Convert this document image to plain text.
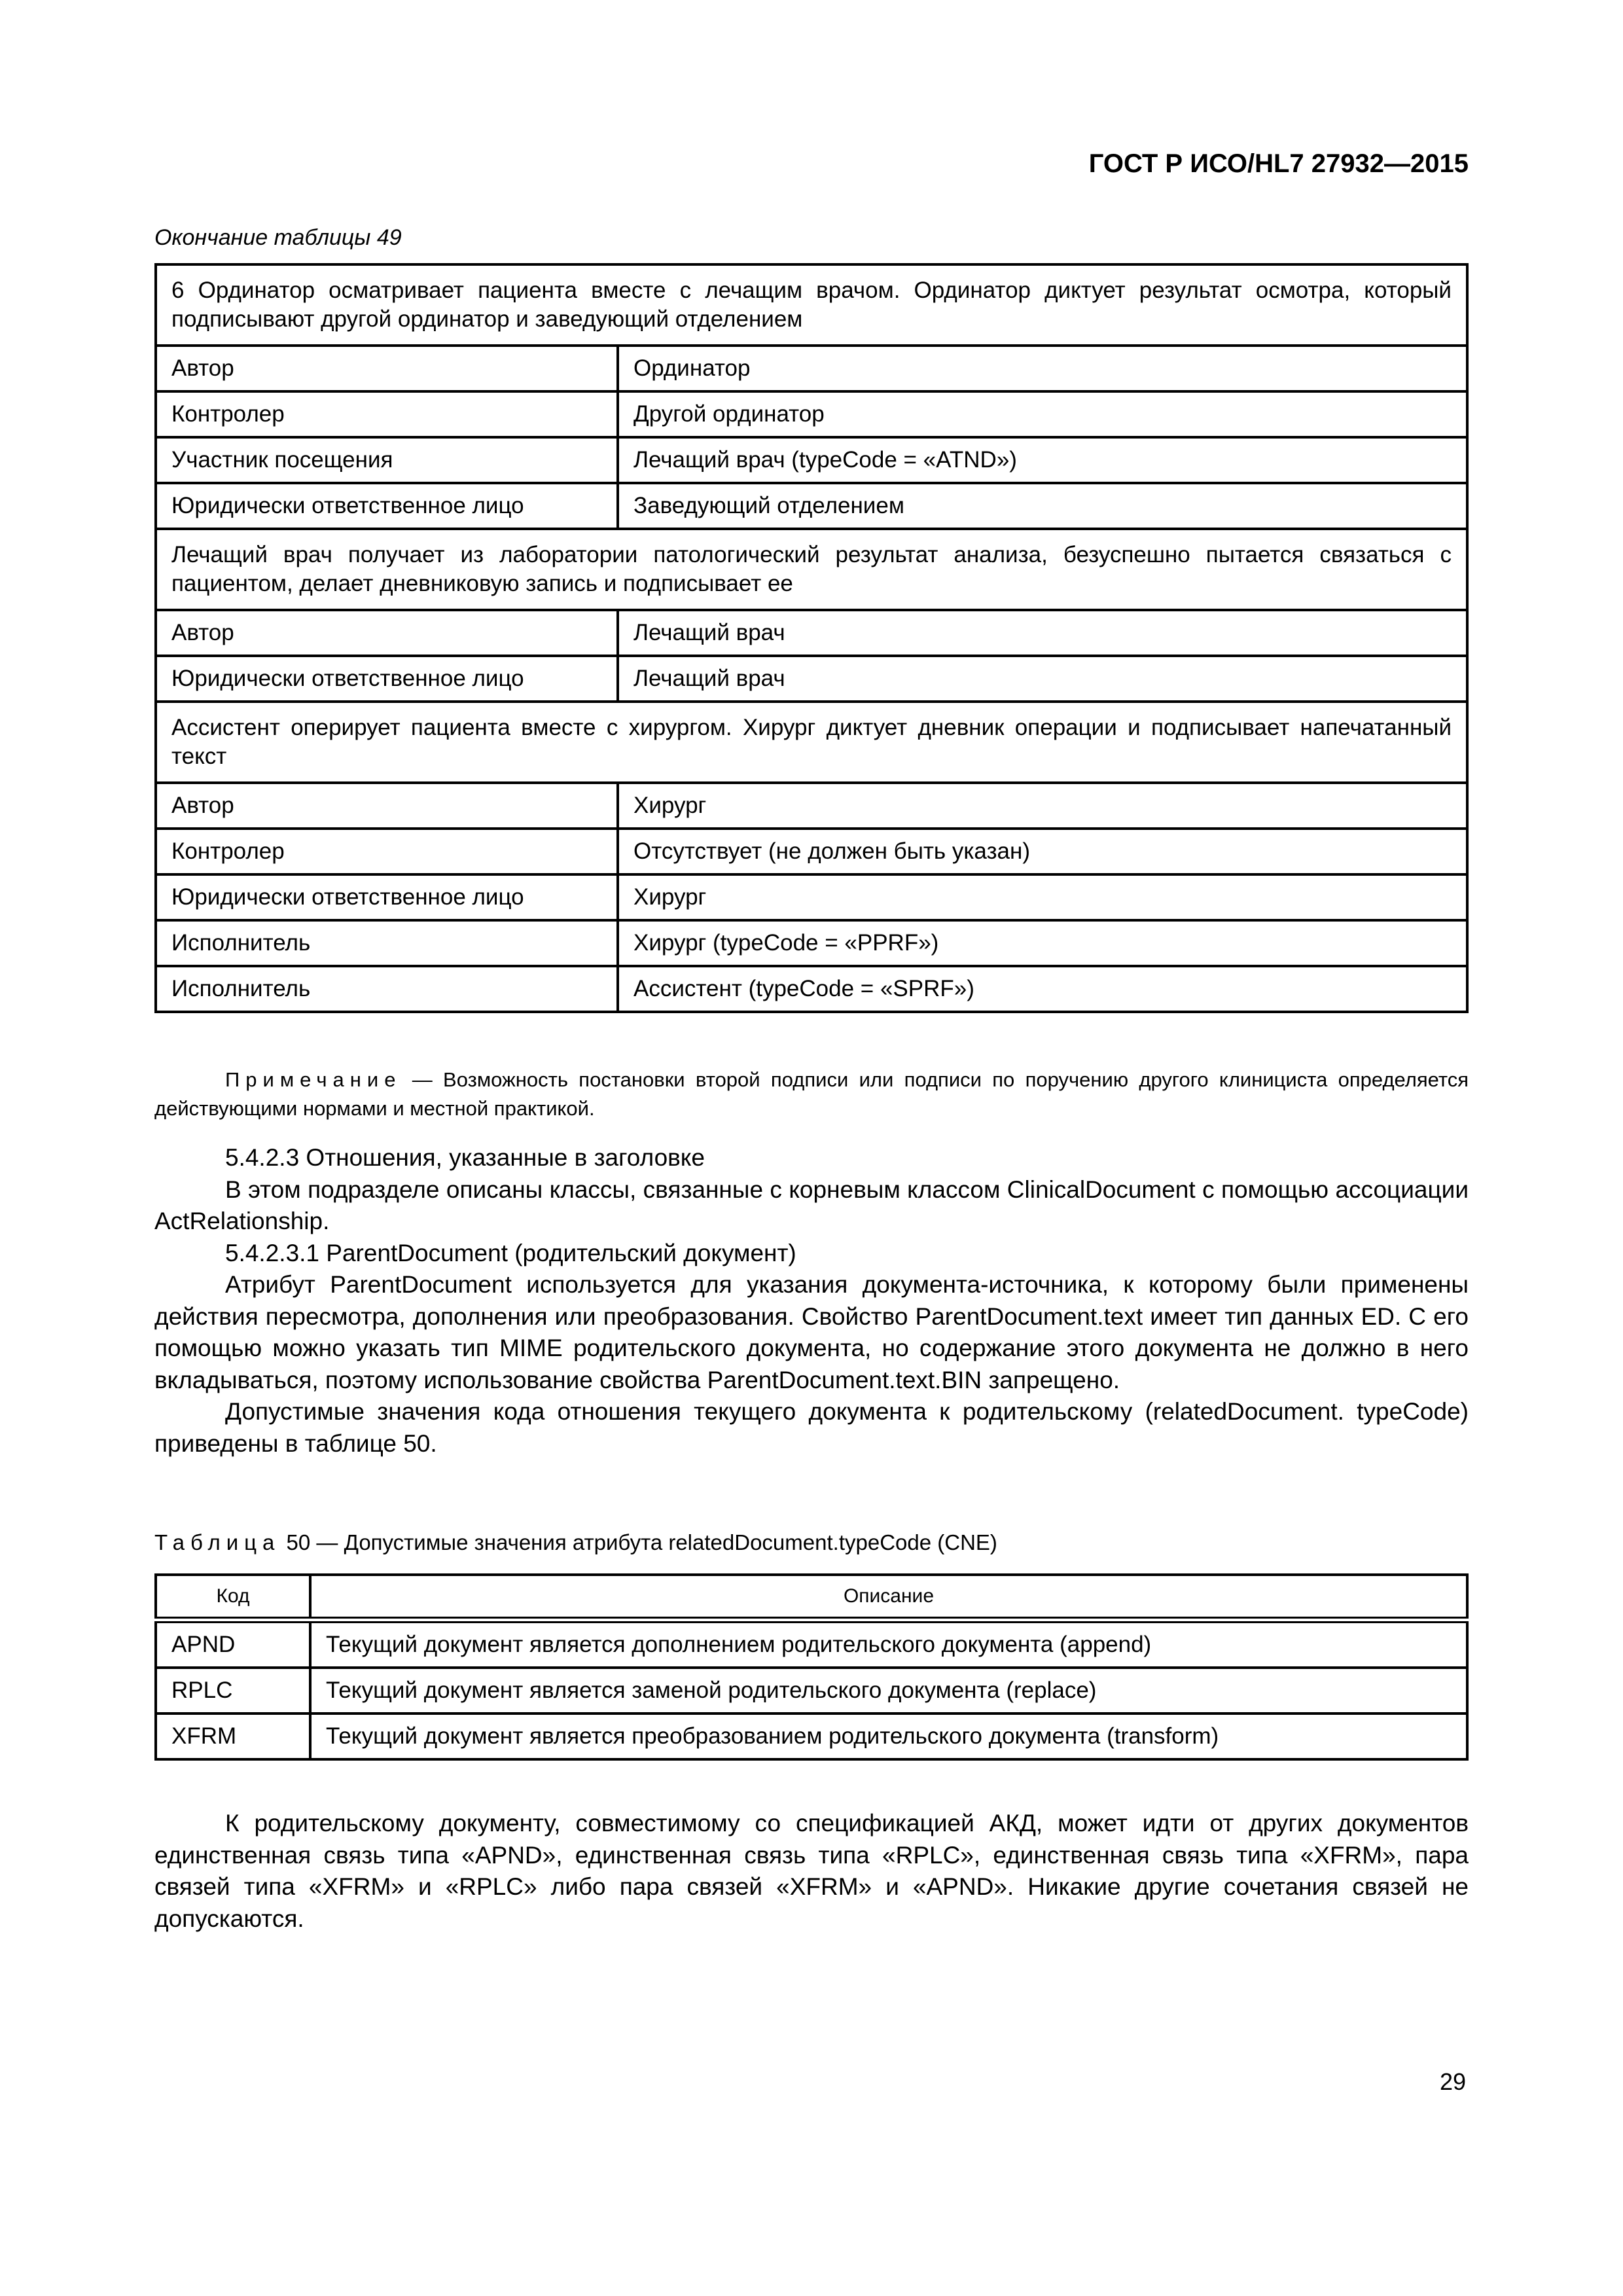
ГОСТ Р ИСО/HL7 27932—2015
Окончание таблицы 49
6 Ординатор осматривает пациента вместе с лечащим врачом. Ординатор диктует результат осмотра, который подписывают другой ординатор и заведующий отделением	
Автор	Ординатор
Контролер	Другой ординатор
Участник посещения	Лечащий врач (typeCode = «ATND»)
Юридически ответственное лицо	Заведующий отделением
Лечащий врач получает из лаборатории патологический результат анализа, безуспешно пытается связаться с пациентом, делает дневниковую запись и подписывает ее	
Автор	Лечащий врач
Юридически ответственное лицо	Лечащий врач
Ассистент оперирует пациента вместе с хирургом. Хирург диктует дневник операции и подписывает напечатанный текст	
Автор	Хирург
Контролер	Отсутствует (не должен быть указан)
Юридически ответственное лицо	Хирург
Исполнитель	Хирург (typeCode = «PPRF»)
Исполнитель	Ассистент (typeCode = «SPRF»)
Примечание — Возможность постановки второй подписи или подписи по поручению другого клинициста определяется действующими нормами и местной практикой.

5.4.2.3 Отношения, указанные в заголовке

В этом подразделе описаны классы, связанные с корневым классом ClinicalDocument с помощью ассоциации ActRelationship.

5.4.2.3.1 ParentDocument (родительский документ)

Атрибут ParentDocument используется для указания документа-источника, к которому были применены действия пересмотра, дополнения или преобразования. Свойство ParentDocument.text имеет тип данных ED. С его помощью можно указать тип MIME родительского документа, но содержание этого документа не должно в него вкладываться, поэтому использование свойства ParentDocument.text.BIN запрещено.

Допустимые значения кода отношения текущего документа к родительскому (relatedDocument. typeCode) приведены в таблице 50.

Таблица 50 — Допустимые значения атрибута relatedDocument.typeCode (CNE)
Код	Описание
APND	Текущий документ является дополнением родительского документа (append)
RPLC	Текущий документ является заменой родительского документа (replace)
XFRM	Текущий документ является преобразованием родительского документа (transform)

К родительскому документу, совместимому со спецификацией АКД, может идти от других документов единственная связь типа «APND», единственная связь типа «RPLC», единственная связь типа «XFRM», пара связей типа «XFRM» и «RPLC» либо пара связей «XFRM» и «APND». Никакие другие сочетания связей не допускаются.

29
